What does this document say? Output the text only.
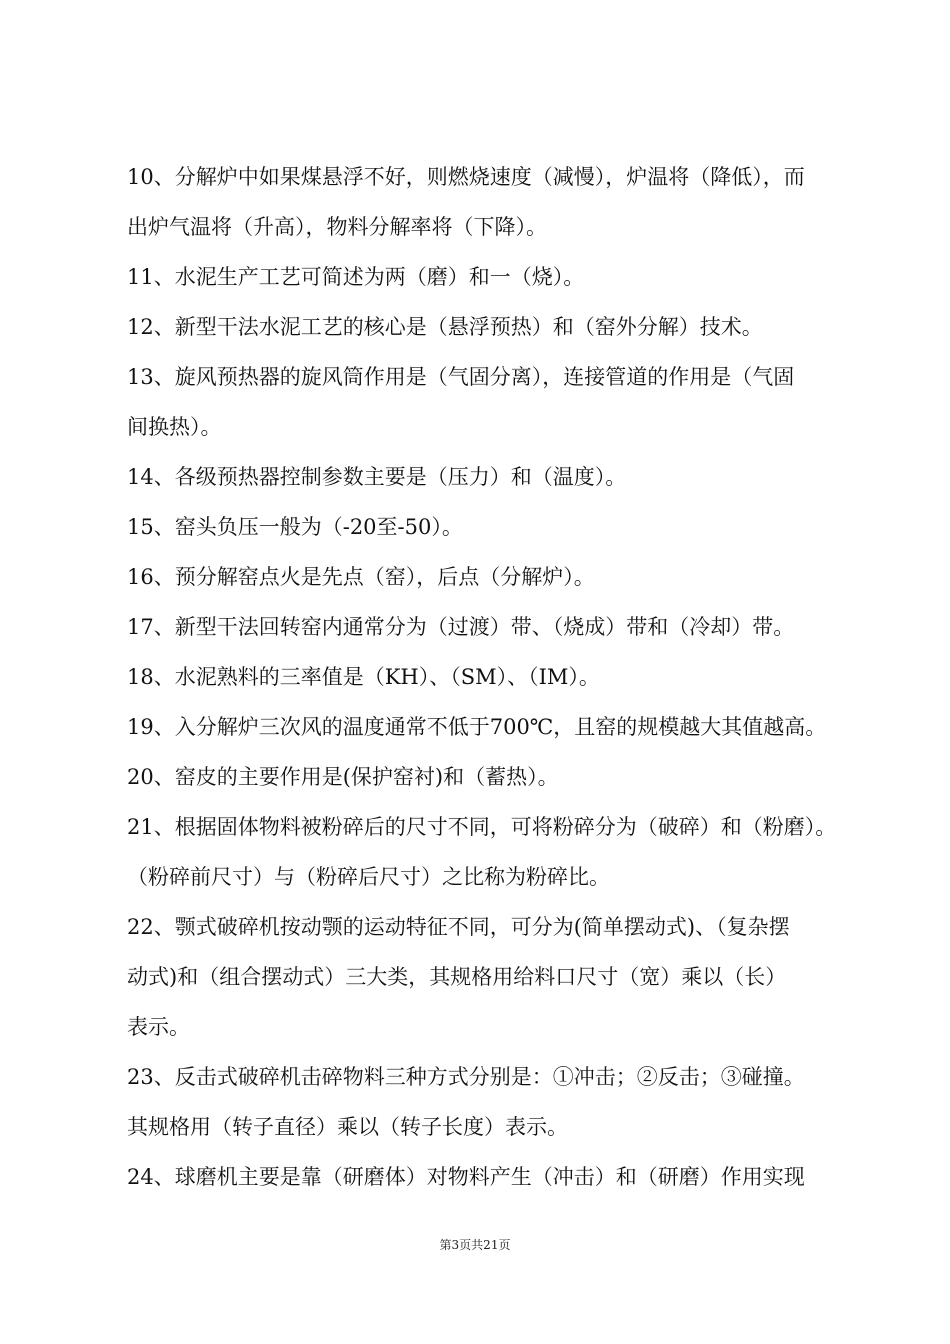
10、分解炉中如果煤悬浮不好，则燃烧速度（减慢），炉温将（降低），而
出炉气温将（升高），物料分解率将（下降）。
11、水泥生产工艺可简述为两（磨）和一（烧）。
12、新型干法水泥工艺的核心是（悬浮预热）和（窑外分解）技术。
13、旋风预热器的旋风筒作用是（气固分离），连接管道的作用是（气固
间换热）。
14、各级预热器控制参数主要是（压力）和（温度）。
15、窑头负压一般为（-20至-50）。
16、预分解窑点火是先点（窑），后点（分解炉）。
17、新型干法回转窑内通常分为（过渡）带、（烧成）带和（冷却）带。
18、水泥熟料的三率值是（KH）、（SM）、（IM）。
19、入分解炉三次风的温度通常不低于700℃，且窑的规模越大其值越高。
20、窑皮的主要作用是(保护窑衬)和（蓄热）。
21、根据固体物料被粉碎后的尺寸不同，可将粉碎分为（破碎）和（粉磨）。
（粉碎前尺寸）与（粉碎后尺寸）之比称为粉碎比。
22、颚式破碎机按动颚的运动特征不同，可分为(简单摆动式)、（复杂摆
动式)和（组合摆动式）三大类，其规格用给料口尺寸（宽）乘以（长）
表示。
23、反击式破碎机击碎物料三种方式分别是：①冲击；②反击；③碰撞。
其规格用（转子直径）乘以（转子长度）表示。
24、球磨机主要是靠（研磨体）对物料产生（冲击）和（研磨）作用实现
第3页共21页
